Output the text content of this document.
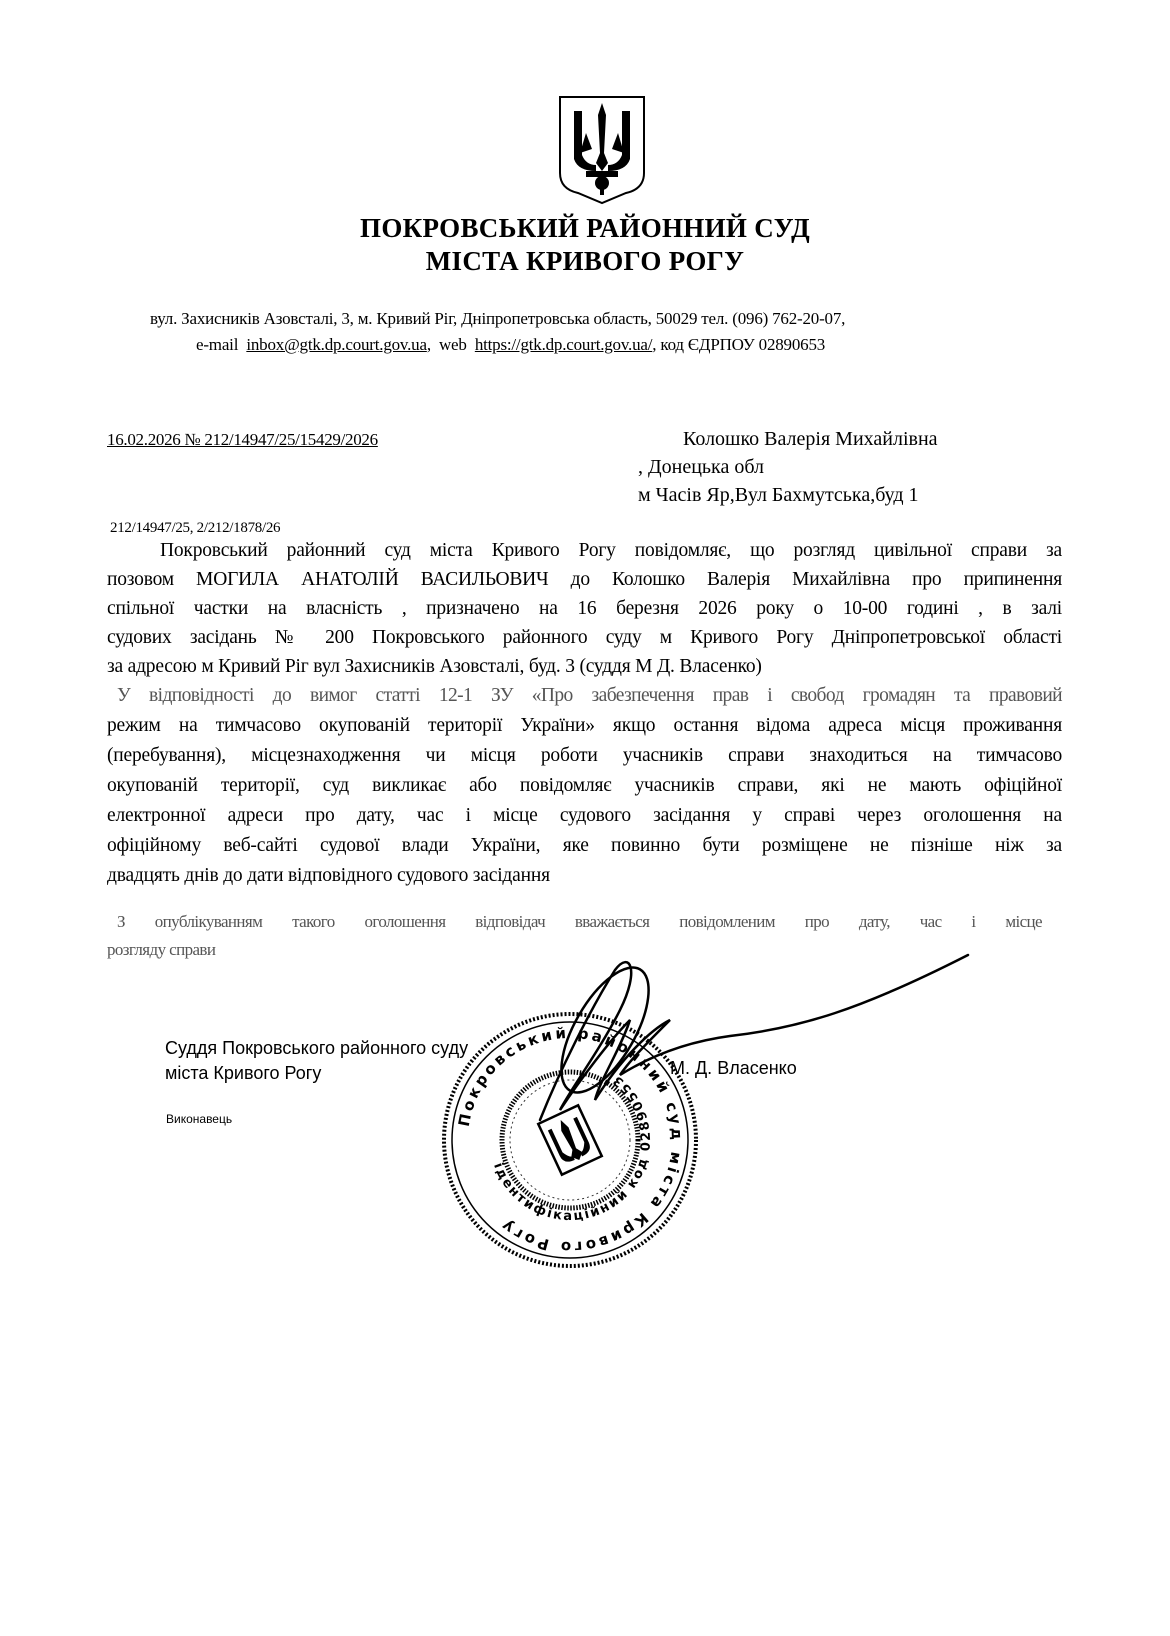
ПОКРОВСЬКИЙ РАЙОННИЙ СУД
МІСТА КРИВОГО РОГУ
вул. Захисників Азовсталі, 3, м. Кривий Ріг, Дніпропетровська область, 50029 тел. (096) 762-20-07,
e-mail inbox@gtk.dp.court.gov.ua,  web https://gtk.dp.court.gov.ua/, код ЄДРПОУ 02890653
16.02.2026 № 212/14947/25/15429/2026	Колошко Валерія Михайлівна
, Донецька обл
м Часів Яр,Вул Бахмутська,буд 1
212/14947/25, 2/212/1878/26
Покровський районний суд міста Кривого Рогу повідомляє, що розгляд цивільної справи за
позовом МОГИЛА АНАТОЛІЙ ВАСИЛЬОВИЧ до Колошко Валерія Михайлівна про припинення
спільної частки на власність , призначено на 16 березня 2026 року о 10-00 годині , в залі
судових засідань № 200 Покровського районного суду м Кривого Рогу Дніпропетровської області
за адресою м Кривий Ріг вул Захисників Азовсталі, буд. 3 (суддя М Д. Власенко)
У відповідності до вимог статті 12-1 ЗУ «Про забезпечення прав і свобод громадян та правовий
режим на тимчасово окупованій території України» якщо остання відома адреса місця проживання
(перебування), місцезнаходження чи місця роботи учасників справи знаходиться на тимчасово
окупованій території, суд викликає або повідомляє учасників справи, які не мають офіційної
електронної адреси про дату, час і місце судового засідання у справі через оголошення на
офіційному веб-сайті судової влади України, яке повинно бути розміщене не пізніше ніж за
двадцять днів до дати відповідного судового засідання
З опублікуванням такого оголошення відповідач вважається повідомленим про дату, час і місце
розгляду справи
Суддя Покровського районного суду
міста Кривого Рогу	М. Д. Власенко
Виконавець	Покровський районний суд міста Кривого Рогу
ідентифікаційний код 02890553
